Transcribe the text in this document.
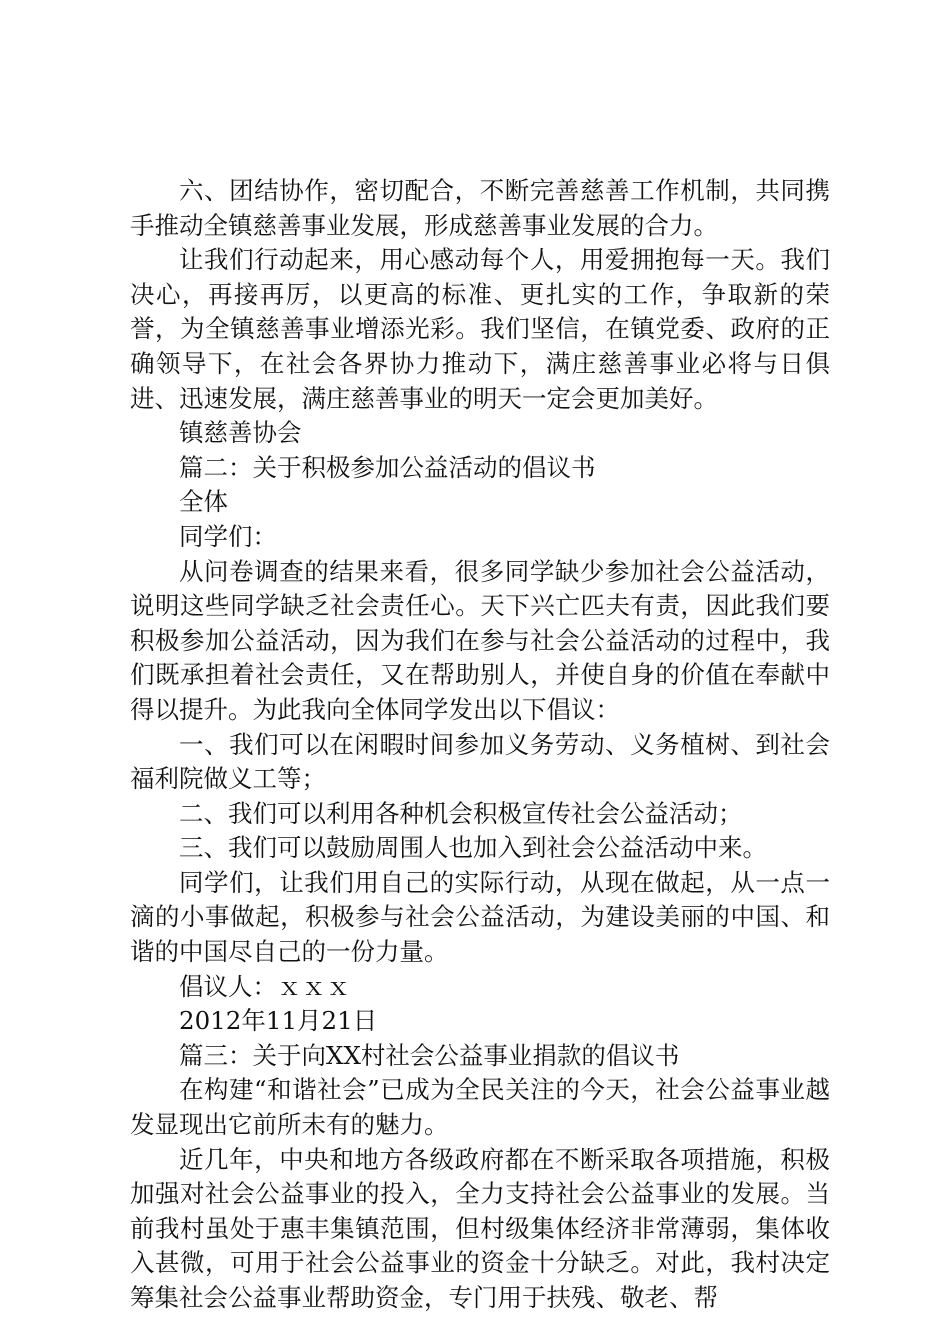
六、团结协作，密切配合，不断完善慈善工作机制，共同携手推动全镇慈善事业发展，形成慈善事业发展的合力。

让我们行动起来，用心感动每个人，用爱拥抱每一天。我们决心，再接再厉，以更高的标准、更扎实的工作，争取新的荣誉，为全镇慈善事业增添光彩。我们坚信，在镇党委、政府的正确领导下，在社会各界协力推动下，满庄慈善事业必将与日俱进、迅速发展，满庄慈善事业的明天一定会更加美好。

镇慈善协会

篇二：关于积极参加公益活动的倡议书

全体

同学们：

从问卷调查的结果来看，很多同学缺少参加社会公益活动，说明这些同学缺乏社会责任心。天下兴亡匹夫有责，因此我们要积极参加公益活动，因为我们在参与社会公益活动的过程中，我们既承担着社会责任，又在帮助别人，并使自身的价值在奉献中得以提升。为此我向全体同学发出以下倡议：

一、我们可以在闲暇时间参加义务劳动、义务植树、到社会福利院做义工等；

二、我们可以利用各种机会积极宣传社会公益活动；

三、我们可以鼓励周围人也加入到社会公益活动中来。

同学们，让我们用自己的实际行动，从现在做起，从一点一滴的小事做起，积极参与社会公益活动，为建设美丽的中国、和谐的中国尽自己的一份力量。

倡议人：ｘｘｘ

2012年11月21日

篇三：关于向XX村社会公益事业捐款的倡议书

在构建“和谐社会”已成为全民关注的今天，社会公益事业越发显现出它前所未有的魅力。

近几年，中央和地方各级政府都在不断采取各项措施，积极加强对社会公益事业的投入，全力支持社会公益事业的发展。当前我村虽处于惠丰集镇范围，但村级集体经济非常薄弱，集体收入甚微，可用于社会公益事业的资金十分缺乏。对此，我村决定筹集社会公益事业帮助资金，专门用于扶残、敬老、帮
